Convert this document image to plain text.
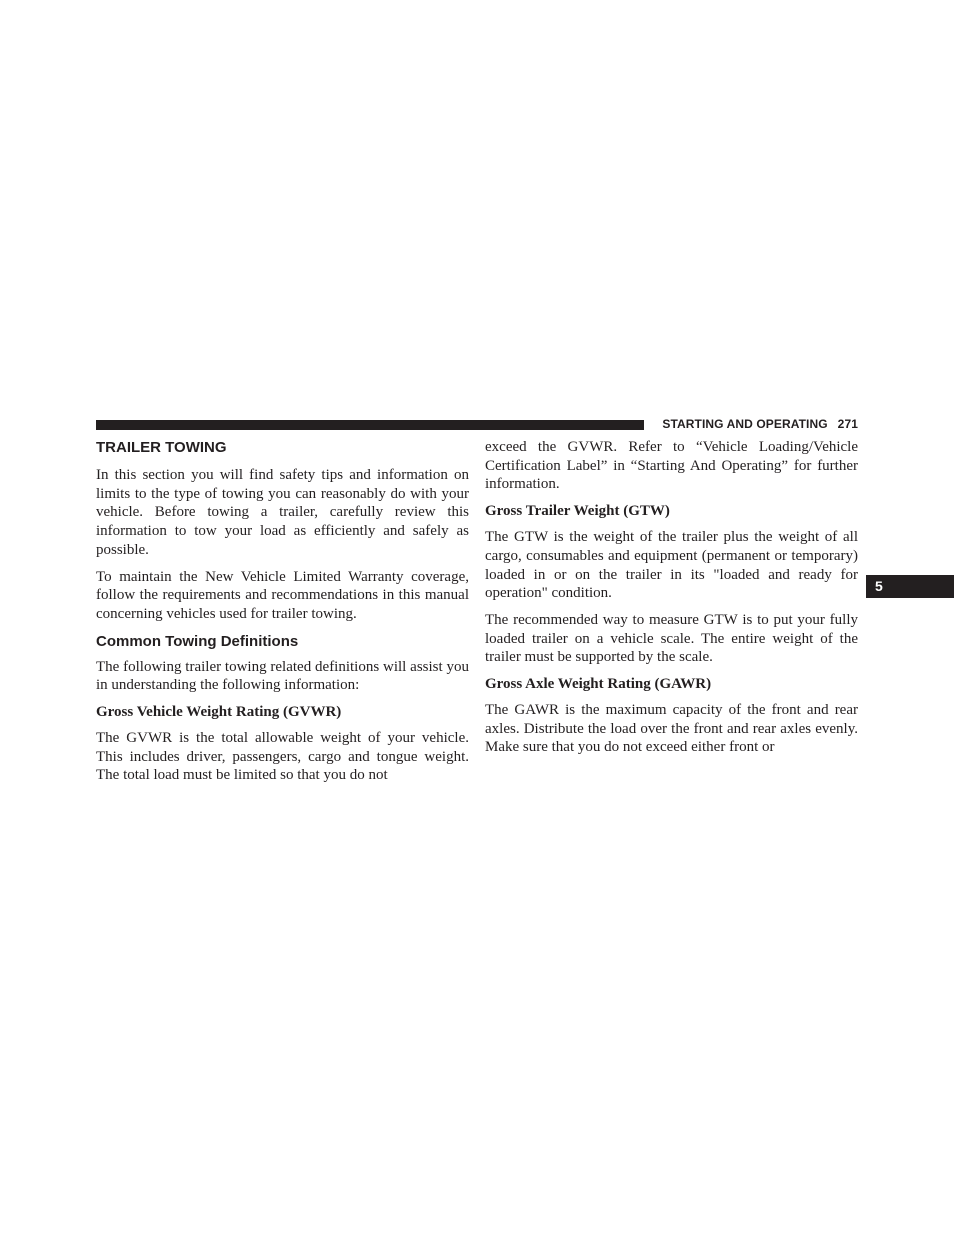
STARTING AND OPERATING 271
5
TRAILER TOWING

In this section you will find safety tips and information on limits to the type of towing you can reasonably do with your vehicle. Before towing a trailer, carefully review this information to tow your load as efficiently and safely as possible.

To maintain the New Vehicle Limited Warranty coverage, follow the requirements and recommendations in this manual concerning vehicles used for trailer towing.

Common Towing Definitions

The following trailer towing related definitions will assist you in understanding the following information:

Gross Vehicle Weight Rating (GVWR)

The GVWR is the total allowable weight of your vehicle. This includes driver, passengers, cargo and tongue weight. The total load must be limited so that you do not

exceed the GVWR. Refer to “Vehicle Loading/Vehicle Certification Label” in “Starting And Operating” for further information.

Gross Trailer Weight (GTW)

The GTW is the weight of the trailer plus the weight of all cargo, consumables and equipment (permanent or temporary) loaded in or on the trailer in its "loaded and ready for operation" condition.

The recommended way to measure GTW is to put your fully loaded trailer on a vehicle scale. The entire weight of the trailer must be supported by the scale.

Gross Axle Weight Rating (GAWR)

The GAWR is the maximum capacity of the front and rear axles. Distribute the load over the front and rear axles evenly. Make sure that you do not exceed either front or
